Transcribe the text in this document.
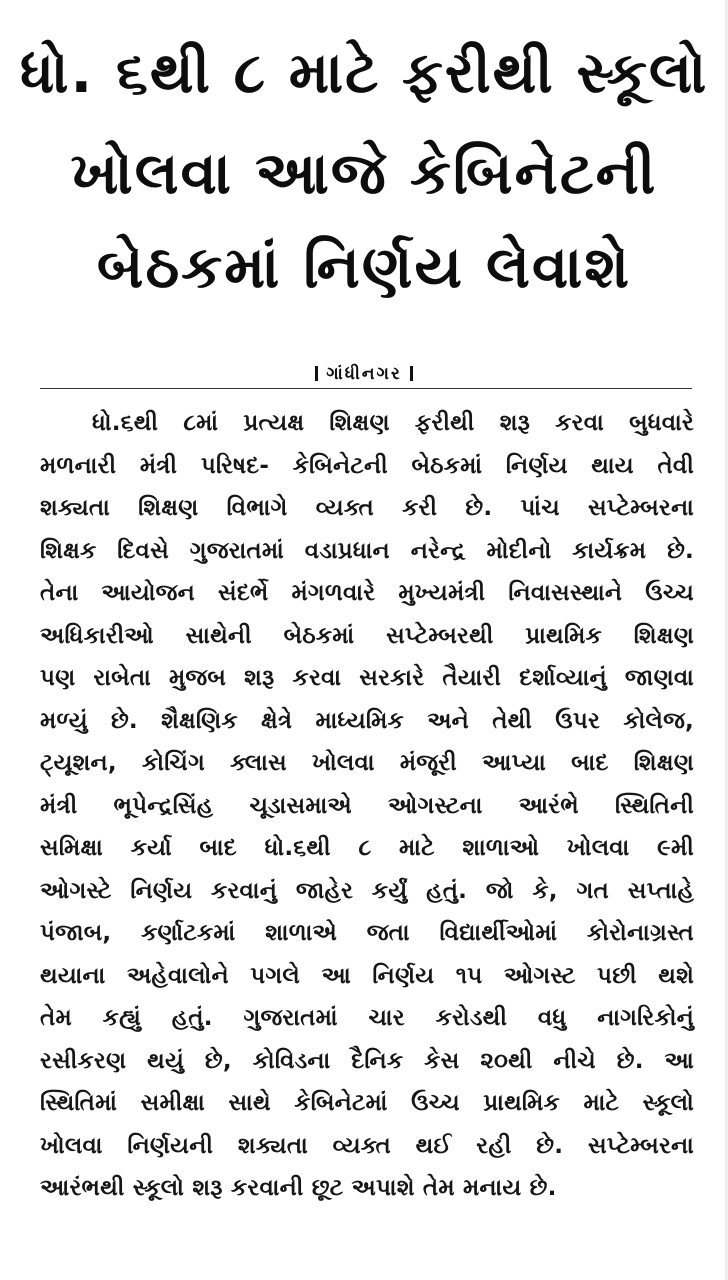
ધો. ૬થી ૮ માટે ફરીથી સ્કૂલો
ખોલવા આજે કેબિનેટની
બેઠકમાં નિર્ણય લેવાશે
ગાંધીનગર
ધો.૬થી ૮માં પ્રત્યક્ષ શિક્ષણ ફરીથી શરૂ કરવા બુધવારે
મળનારી મંત્રી પરિષદ- કેબિનેટની બેઠકમાં નિર્ણય થાય તેવી
શક્યતા શિક્ષણ વિભાગે વ્યક્ત કરી છે. પાંચ સપ્ટેમ્બરના
શિક્ષક દિવસે ગુજરાતમાં વડાપ્રધાન નરેન્દ્ર મોદીનો કાર્યક્રમ છે.
તેના આયોજન સંદર્ભે મંગળવારે મુખ્યમંત્રી નિવાસસ્થાને ઉચ્ચ
અધિકારીઓ સાથેની બેઠકમાં સપ્ટેમ્બરથી પ્રાથમિક શિક્ષણ
પણ રાબેતા મુજબ શરૂ કરવા સરકારે તૈયારી દર્શાવ્યાનું જાણવા
મળ્યું છે. શૈક્ષણિક ક્ષેત્રે માધ્યમિક અને તેથી ઉપર કોલેજ,
ટ્યૂશન, કોચિંગ ક્લાસ ખોલવા મંજૂરી આપ્યા બાદ શિક્ષણ
મંત્રી ભૂપેન્દ્રસિંહ ચૂડાસમાએ ઓગસ્ટના આરંભે સ્થિતિની
સમિક્ષા કર્યા બાદ ધો.૬થી ૮ માટે શાળાઓ ખોલવા ૯મી
ઓગસ્ટે નિર્ણય કરવાનું જાહેર કર્યું હતું. જો કે, ગત સપ્તાહે
પંજાબ, કર્ણાટકમાં શાળાએ જતા વિદ્યાર્થીઓમાં કોરોનાગ્રસ્ત
થયાના અહેવાલોને પગલે આ નિર્ણય ૧૫ ઓગસ્ટ પછી થશે
તેમ કહ્યું હતું. ગુજરાતમાં ચાર કરોડથી વધુ નાગરિકોનું
રસીકરણ થયું છે, કોવિડના દૈનિક કેસ ૨૦થી નીચે છે. આ
સ્થિતિમાં સમીક્ષા સાથે કેબિનેટમાં ઉચ્ચ પ્રાથમિક માટે સ્કૂલો
ખોલવા નિર્ણયની શક્યતા વ્યક્ત થઈ રહી છે. સપ્ટેમ્બરના
આરંભથી સ્કૂલો શરૂ કરવાની છૂટ અપાશે તેમ મનાય છે.
